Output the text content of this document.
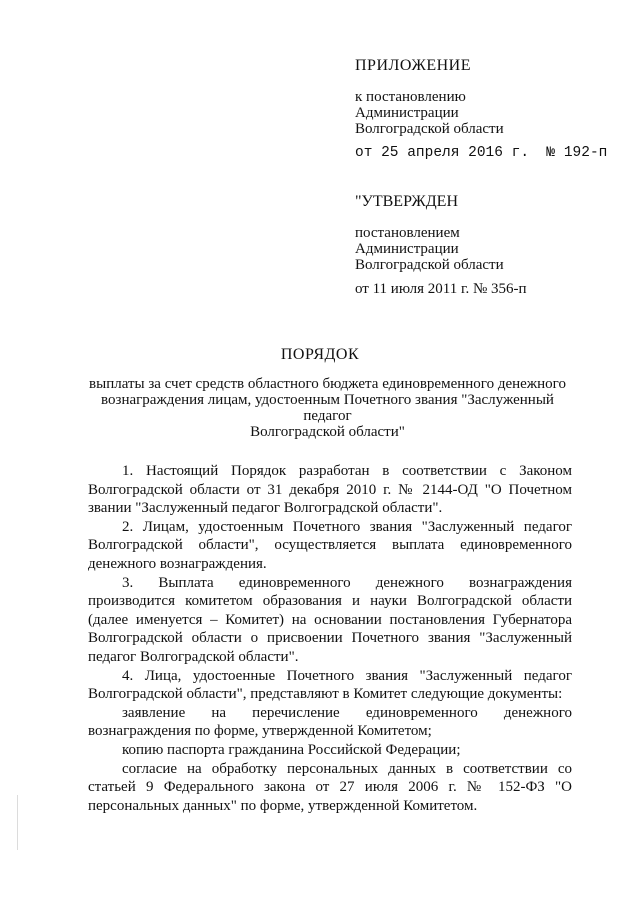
ПРИЛОЖЕНИЕ
к постановлению
Администрации
Волгоградской области
от 25 апреля 2016 г.  № 192-п
"УТВЕРЖДЕН
постановлением
Администрации
Волгоградской области
от 11 июля 2011 г. № 356-п
ПОРЯДОК
выплаты за счет средств областного бюджета единовременного денежного
вознаграждения лицам, удостоенным Почетного звания "Заслуженный педагог
Волгоградской области"

1. Настоящий Порядок разработан в соответствии с Законом Волгоградской области от 31 декабря 2010 г. № 2144-ОД "О Почетном звании "Заслуженный педагог Волгоградской области".

2. Лицам, удостоенным Почетного звания "Заслуженный педагог Волгоградской области", осуществляется выплата единовременного денежного вознаграждения.

3. Выплата единовременного денежного вознаграждения производится комитетом образования и науки Волгоградской области (далее именуется – Комитет) на основании постановления Губернатора Волгоградской области о присвоении Почетного звания "Заслуженный педагог Волгоградской области".

4. Лица, удостоенные Почетного звания "Заслуженный педагог Волгоградской области", представляют в Комитет следующие документы:

заявление на перечисление единовременного денежного вознаграждения по форме, утвержденной Комитетом;

копию паспорта гражданина Российской Федерации;

согласие на обработку персональных данных в соответствии со статьей 9 Федерального закона от 27 июля 2006 г. № 152-ФЗ "О персональных данных" по форме, утвержденной Комитетом.
